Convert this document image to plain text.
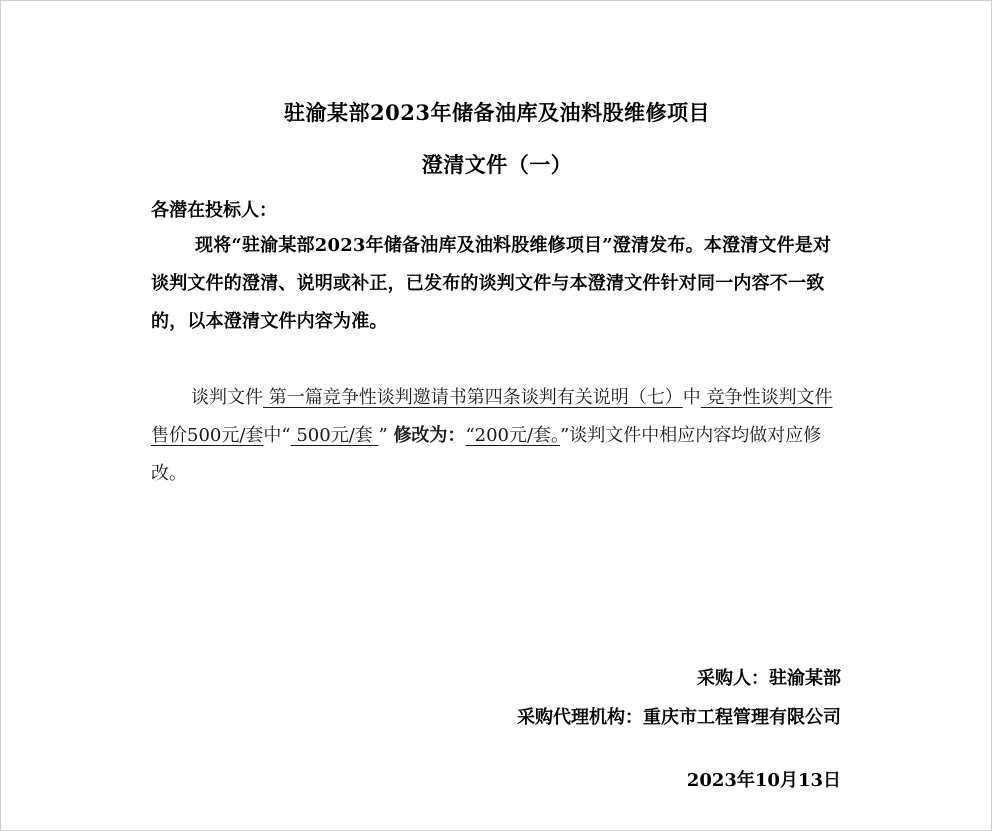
驻渝某部2023年储备油库及油料股维修项目
澄清文件（一）
各潜在投标人：
现将“驻渝某部2023年储备油库及油料股维修项目”澄清发布。本澄清文件是对谈判文件的澄清、说明或补正，已发布的谈判文件与本澄清文件针对同一内容不一致的，以本澄清文件内容为准。
谈判文件 第一篇竞争性谈判邀请书第四条谈判有关说明（七）中 竞争性谈判文件售价500元/套中“ 500元/套 ” 修改为：“200元/套。”谈判文件中相应内容均做对应修改。
采购人：驻渝某部
采购代理机构：重庆市工程管理有限公司
2023年10月13日
